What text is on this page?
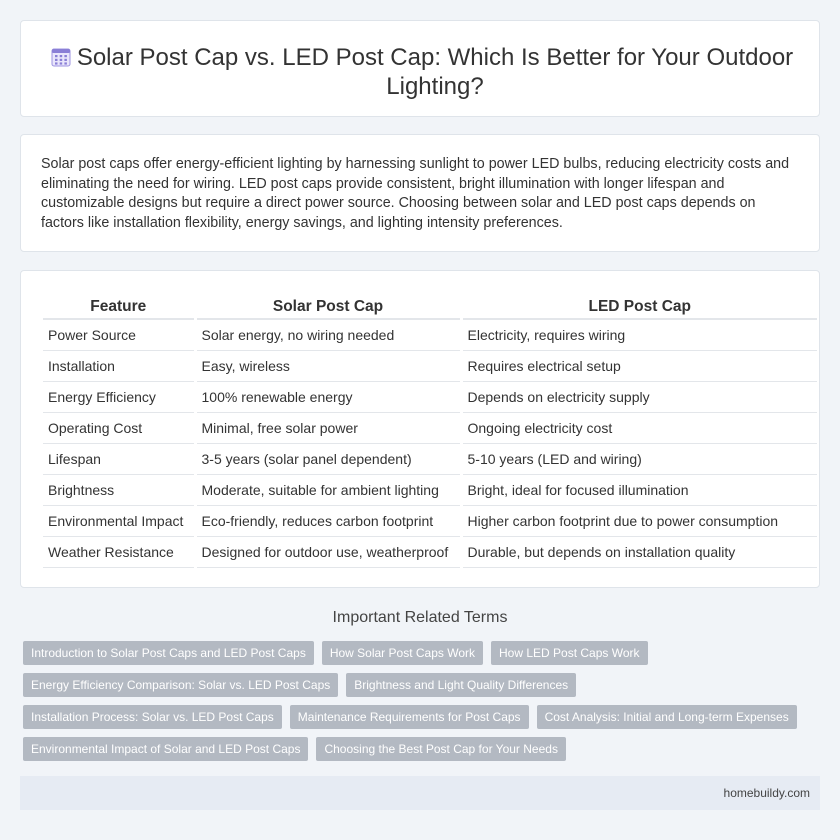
Solar Post Cap vs. LED Post Cap: Which Is Better for Your Outdoor Lighting?

Solar post caps offer energy-efficient lighting by harnessing sunlight to power LED bulbs, reducing electricity costs and eliminating the need for wiring. LED post caps provide consistent, bright illumination with longer lifespan and customizable designs but require a direct power source. Choosing between solar and LED post caps depends on factors like installation flexibility, energy savings, and lighting intensity preferences.

Feature	Solar Post Cap	LED Post Cap
Power Source	Solar energy, no wiring needed	Electricity, requires wiring
Installation	Easy, wireless	Requires electrical setup
Energy Efficiency	100% renewable energy	Depends on electricity supply
Operating Cost	Minimal, free solar power	Ongoing electricity cost
Lifespan	3-5 years (solar panel dependent)	5-10 years (LED and wiring)
Brightness	Moderate, suitable for ambient lighting	Bright, ideal for focused illumination
Environmental Impact	Eco-friendly, reduces carbon footprint	Higher carbon footprint due to power consumption
Weather Resistance	Designed for outdoor use, weatherproof	Durable, but depends on installation quality
Important Related Terms
Introduction to Solar Post Caps and LED Post Caps	How Solar Post Caps Work	How LED Post Caps Work
Energy Efficiency Comparison: Solar vs. LED Post Caps	Brightness and Light Quality Differences
Installation Process: Solar vs. LED Post Caps	Maintenance Requirements for Post Caps	Cost Analysis: Initial and Long-term Expenses
Environmental Impact of Solar and LED Post Caps	Choosing the Best Post Cap for Your Needs
homebuildy.com
